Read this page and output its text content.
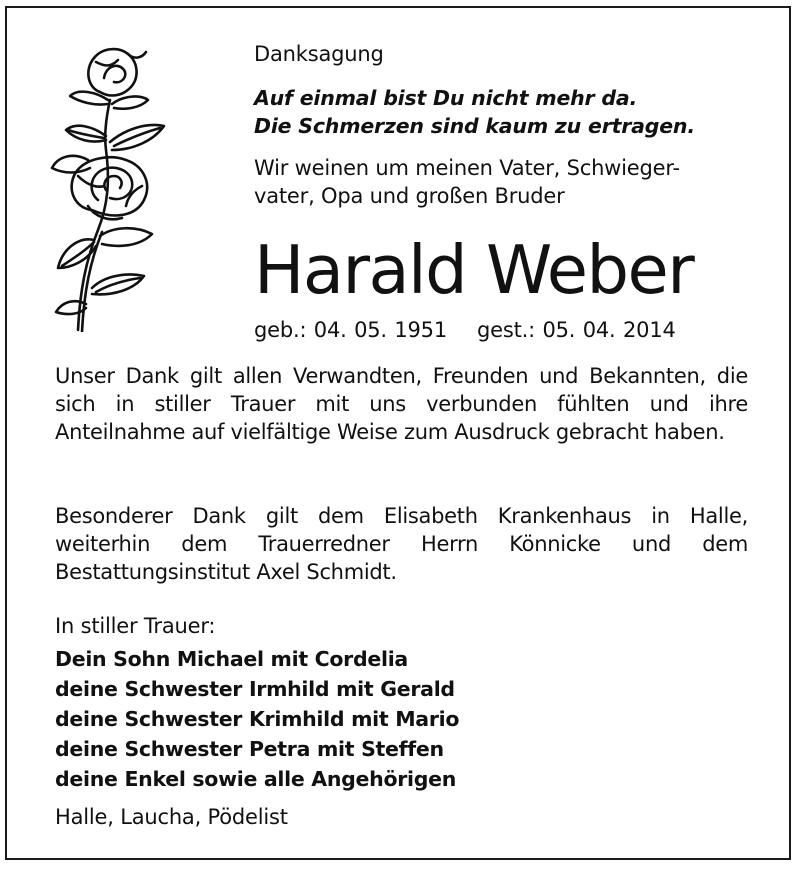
Danksagung

Auf einmal bist Du nicht mehr da.
Die Schmerzen sind kaum zu ertragen.

Wir weinen um meinen Vater, Schwieger-
vater, Opa und großen Bruder

Harald Weber

geb.: 04. 05. 1951 gest.: 05. 04. 2014

Unser Dank gilt allen Verwandten, Freunden und Bekannten, die sich in stiller Trauer mit uns verbunden fühlten und ihre Anteilnahme auf vielfältige Weise zum Ausdruck gebracht haben.

Besonderer Dank gilt dem Elisabeth Krankenhaus in Halle, weiterhin dem Trauerredner Herrn Könnicke und dem Bestattungsinstitut Axel Schmidt.

In stiller Trauer:

Dein Sohn Michael mit Cordelia
deine Schwester Irmhild mit Gerald
deine Schwester Krimhild mit Mario
deine Schwester Petra mit Steffen
deine Enkel sowie alle Angehörigen

Halle, Laucha, Pödelist
